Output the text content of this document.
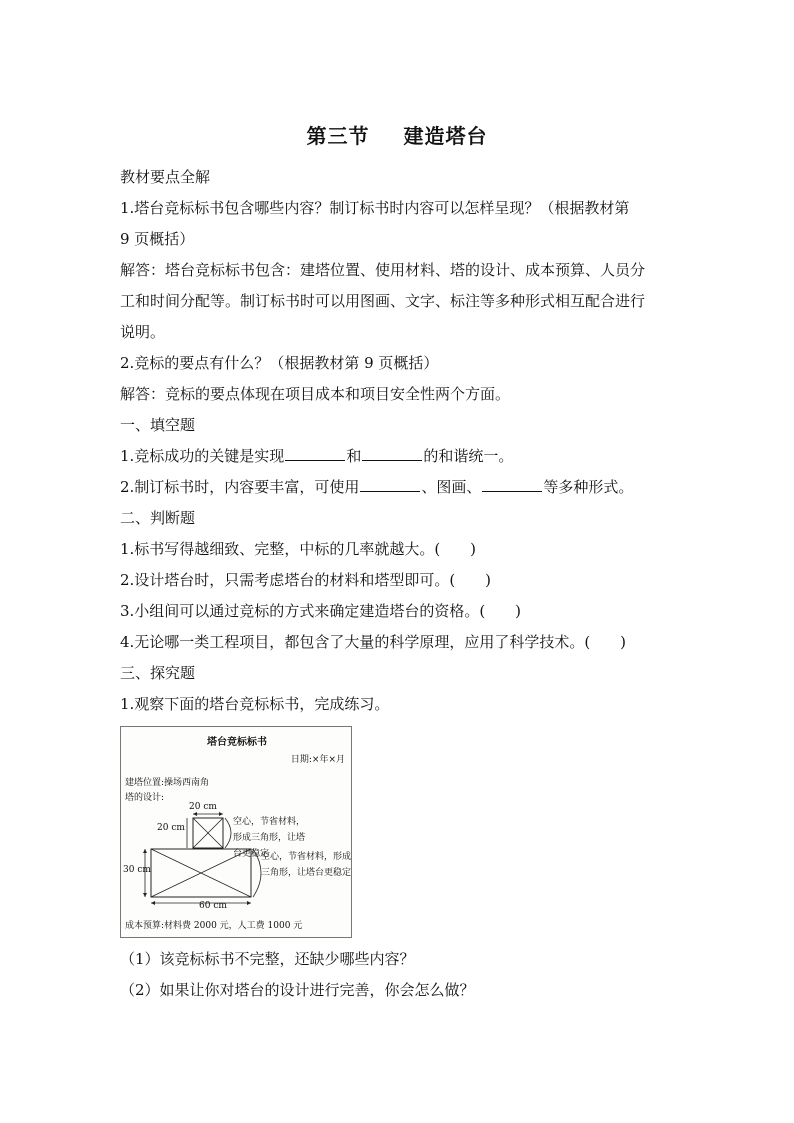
第三节 建造塔台
教材要点全解
1.塔台竞标标书包含哪些内容？制订标书时内容可以怎样呈现？（根据教材第
9 页概括）
解答：塔台竞标标书包含：建塔位置、使用材料、塔的设计、成本预算、人员分
工和时间分配等。制订标书时可以用图画、文字、标注等多种形式相互配合进行
说明。
2.竞标的要点有什么？（根据教材第 9 页概括）
解答：竞标的要点体现在项目成本和项目安全性两个方面。
一、填空题
1.竞标成功的关键是实现	和	的和谐统一。
2.制订标书时，内容要丰富，可使用	、图画、	等多种形式。
二、判断题
1.标书写得越细致、完整，中标的几率就越大。( )
2.设计塔台时，只需考虑塔台的材料和塔型即可。( )
3.小组间可以通过竞标的方式来确定建造塔台的资格。( )
4.无论哪一类工程项目，都包含了大量的科学原理，应用了科学技术。( )
三、探究题
1.观察下面的塔台竞标标书，完成练习。
塔台竞标标书
日期:×年×月
建塔位置:操场西南角
塔的设计:
20 cm
20 cm
30 cm
60 cm
空心，节省材料，形成三角形，让塔台更稳定
空心，节省材料，形成三角形，让塔台更稳定
成本预算:材料费 2000 元，人工费 1000 元
（1）该竞标标书不完整，还缺少哪些内容？
（2）如果让你对塔台的设计进行完善，你会怎么做？
